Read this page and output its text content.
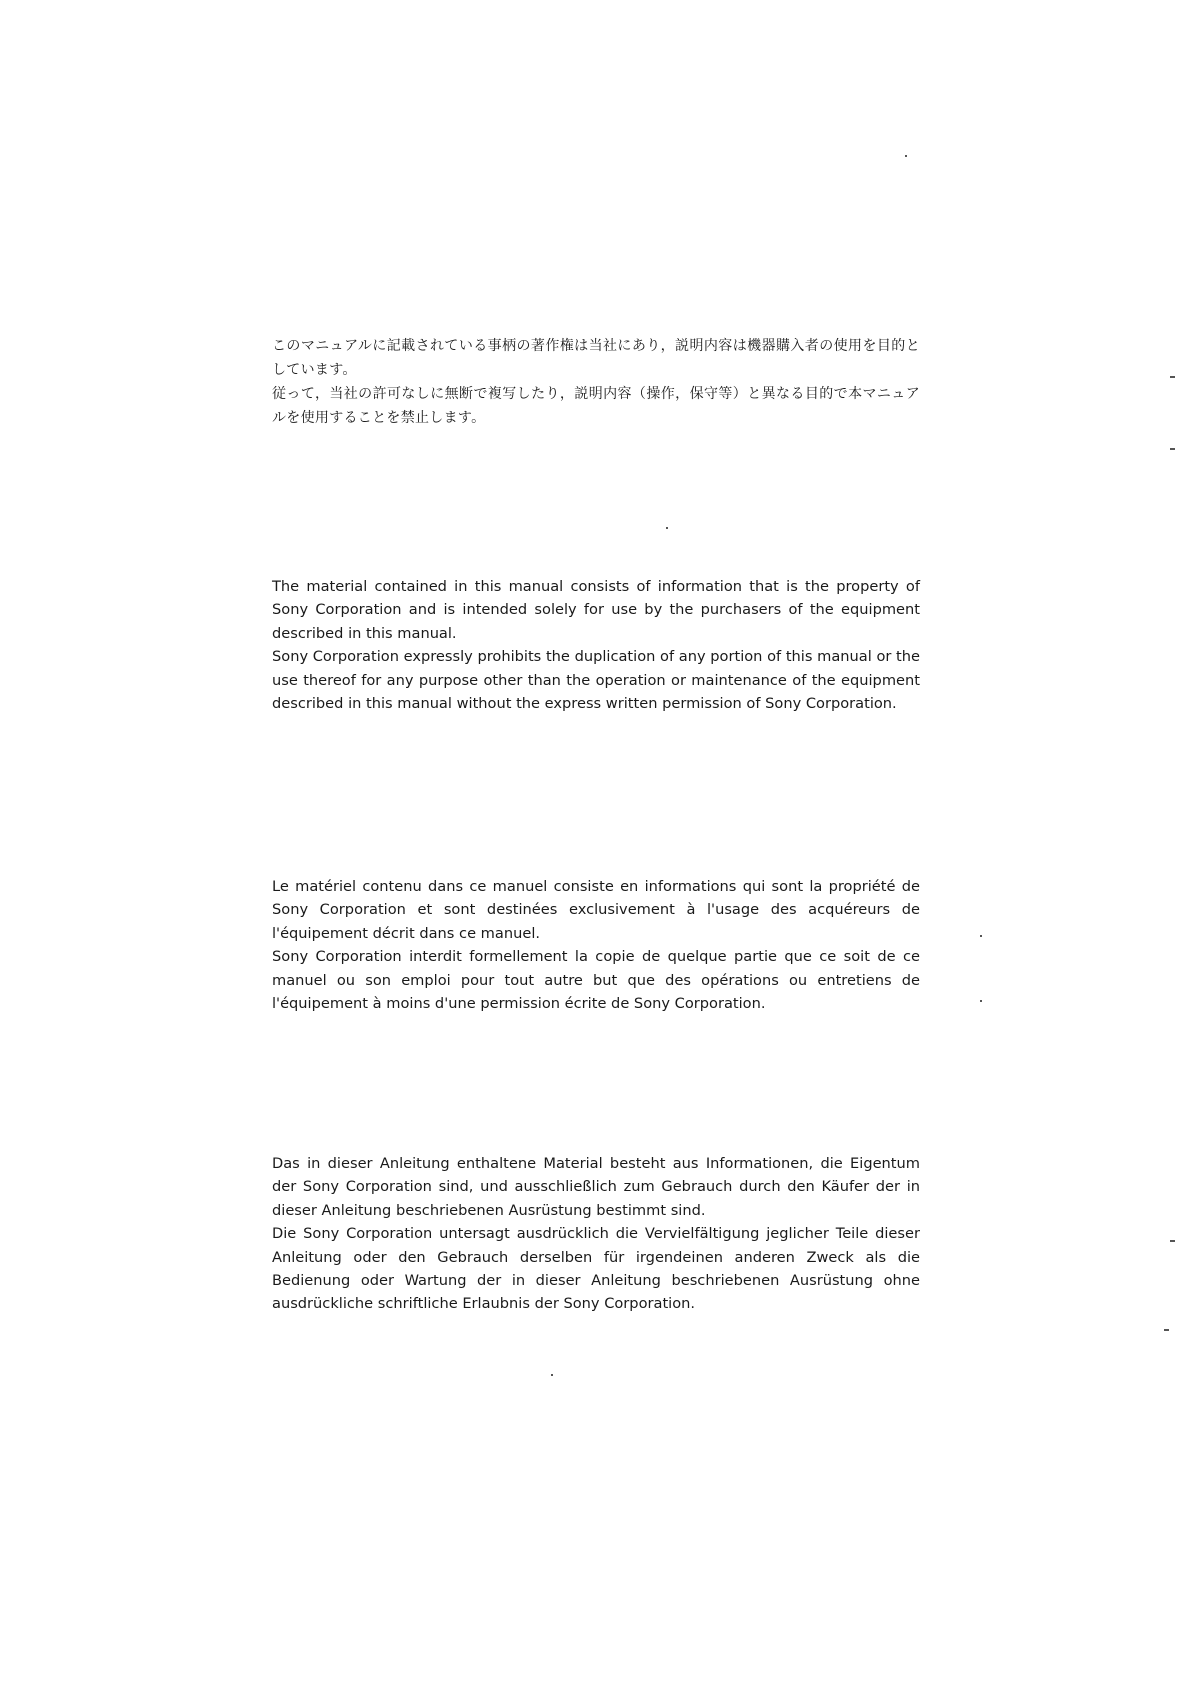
このマニュアルに記載されている事柄の著作権は当社にあり，説明内容は機器購入者の使用を目的としています。

従って，当社の許可なしに無断で複写したり，説明内容（操作，保守等）と異なる目的で本マニュアルを使用することを禁止します。

The material contained in this manual consists of information that is the property of Sony Corporation and is intended solely for use by the purchasers of the equipment described in this manual.

Sony Corporation expressly prohibits the duplication of any portion of this manual or the use thereof for any purpose other than the operation or maintenance of the equipment described in this manual without the express written permission of Sony Corporation.

Le matériel contenu dans ce manuel consiste en informations qui sont la propriété de Sony Corporation et sont destinées exclusivement à l'usage des acquéreurs de l'équipement décrit dans ce manuel.

Sony Corporation interdit formellement la copie de quelque partie que ce soit de ce manuel ou son emploi pour tout autre but que des opérations ou entretiens de l'équipement à moins d'une permission écrite de Sony Corporation.

Das in dieser Anleitung enthaltene Material besteht aus Informationen, die Eigentum der Sony Corporation sind, und ausschließlich zum Gebrauch durch den Käufer der in dieser Anleitung beschriebenen Ausrüstung bestimmt sind.

Die Sony Corporation untersagt ausdrücklich die Vervielfältigung jeglicher Teile dieser Anleitung oder den Gebrauch derselben für irgendeinen anderen Zweck als die Bedienung oder Wartung der in dieser Anleitung beschriebenen Ausrüstung ohne ausdrückliche schriftliche Erlaubnis der Sony Corporation.
